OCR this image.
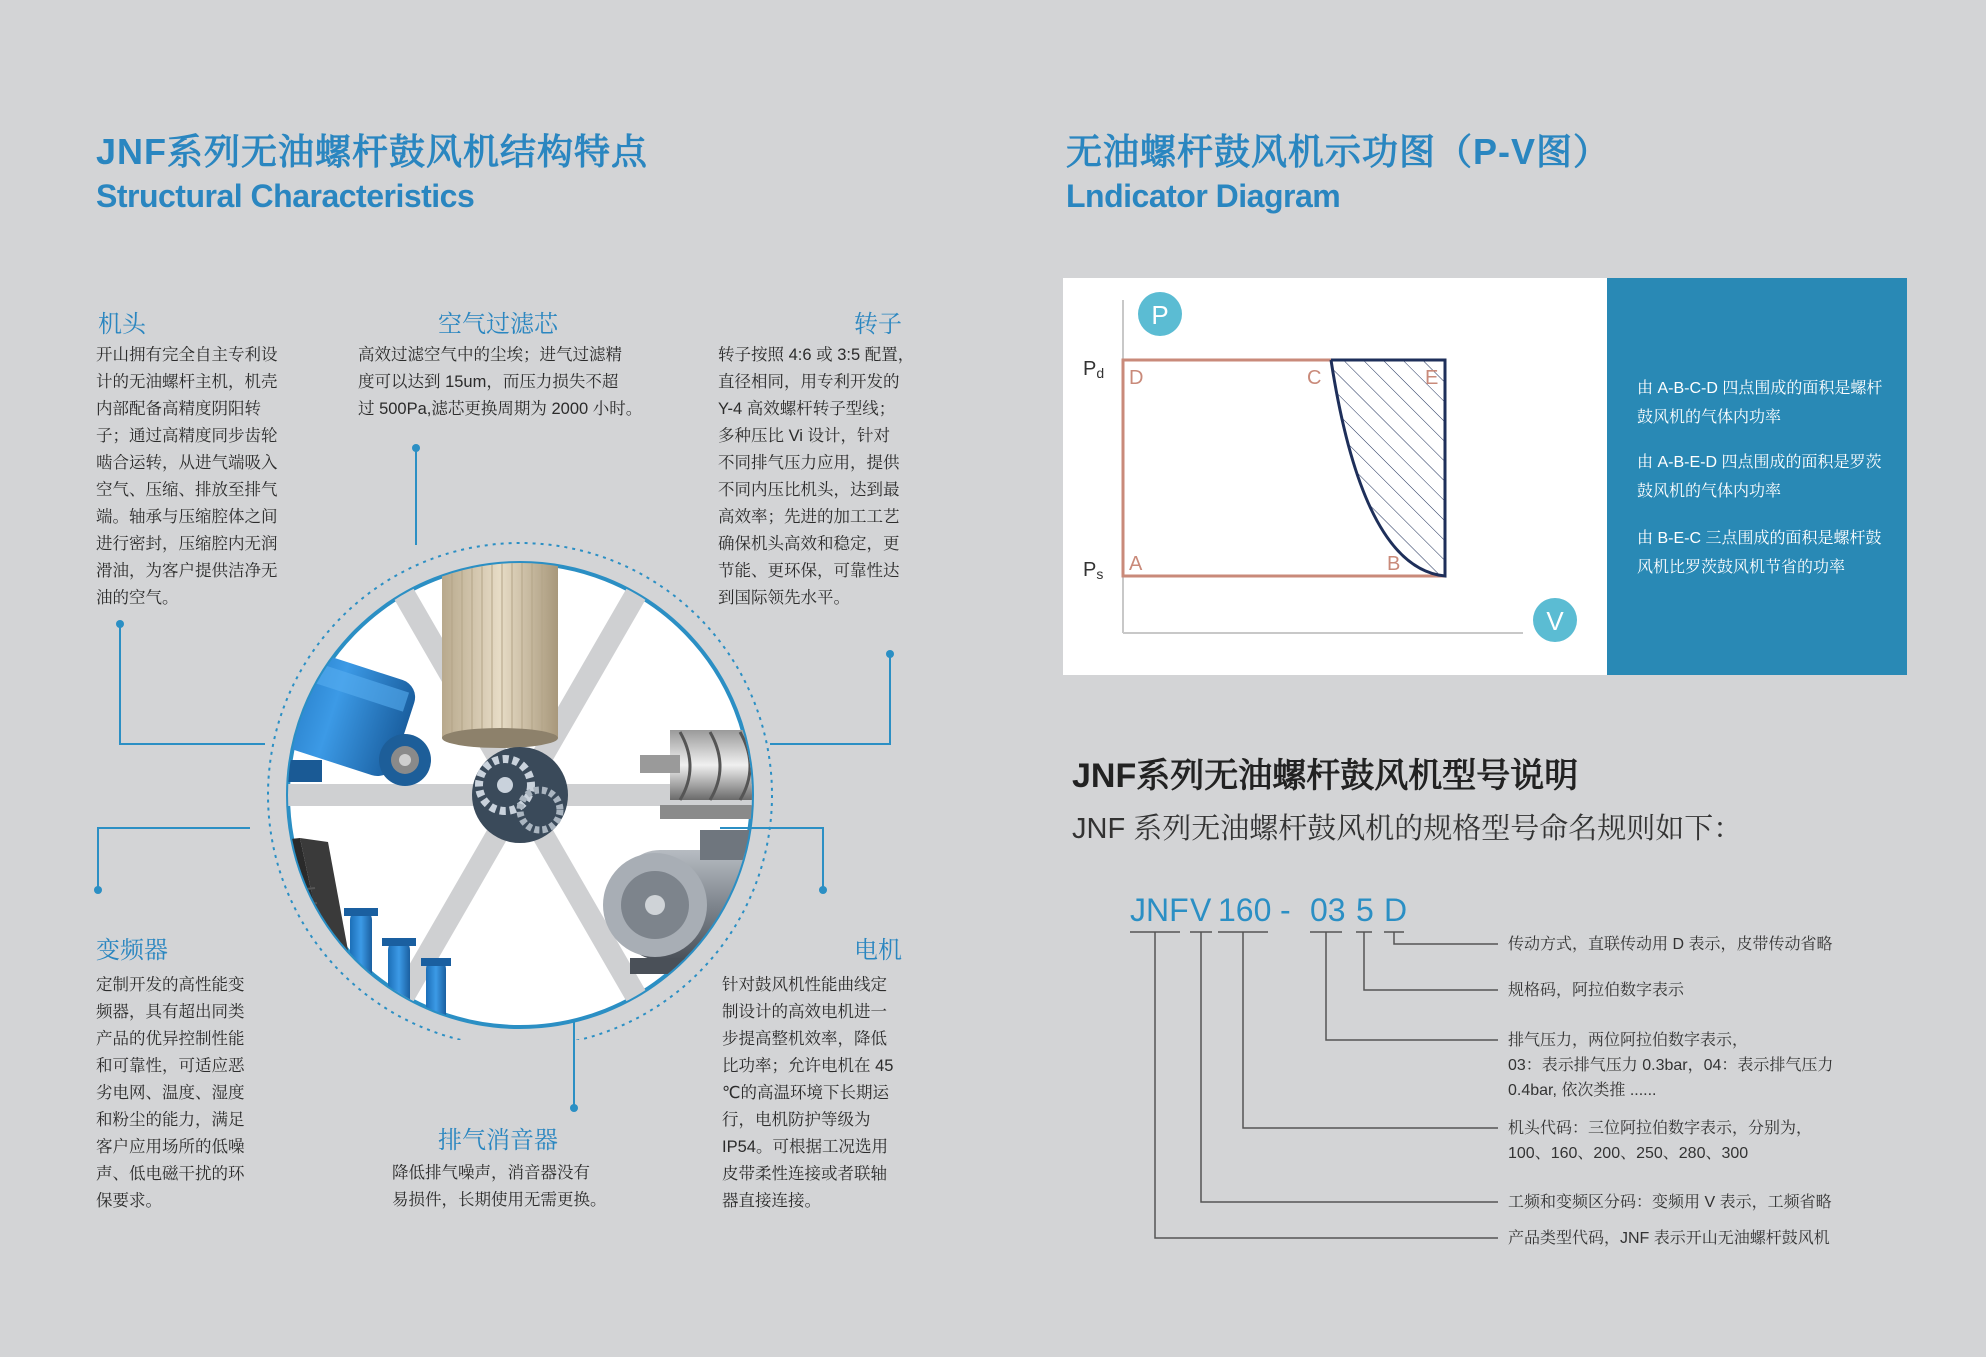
JNF系列无油螺杆鼓风机结构特点
Structural Characteristics
机头
开山拥有完全自主专利设
计的无油螺杆主机，机壳
内部配备高精度阴阳转
子；通过高精度同步齿轮
啮合运转，从进气端吸入
空气、压缩、排放至排气
端。轴承与压缩腔体之间
进行密封，压缩腔内无润
滑油，为客户提供洁净无
油的空气。
空气过滤芯
高效过滤空气中的尘埃；进气过滤精
度可以达到 15um，而压力损失不超
过 500Pa,滤芯更换周期为 2000 小时。
转子
转子按照 4:6 或 3:5 配置，
直径相同，用专利开发的
Y-4 高效螺杆转子型线；
多种压比 Vi 设计，针对
不同排气压力应用，提供
不同内压比机头，达到最
高效率；先进的加工工艺
确保机头高效和稳定，更
节能、更环保，可靠性达
到国际领先水平。
变频器
定制开发的高性能变
频器，具有超出同类
产品的优异控制性能
和可靠性，可适应恶
劣电网、温度、湿度
和粉尘的能力，满足
客户应用场所的低噪
声、低电磁干扰的环
保要求。
排气消音器
降低排气噪声，消音器没有
易损件，长期使用无需更换。
电机
针对鼓风机性能曲线定
制设计的高效电机进一
步提高整机效率，降低
比功率；允许电机在 45
℃的高温环境下长期运
行，电机防护等级为
IP54。可根据工况选用
皮带柔性连接或者联轴
器直接连接。
无油螺杆鼓风机示功图（P-V图）
Lndicator Diagram
P
V
Pd
Ps
D	C	E
A	B
由 A-B-C-D 四点围成的面积是螺杆鼓风机的气体内功率
由 A-B-E-D 四点围成的面积是罗茨鼓风机的气体内功率
由 B-E-C 三点围成的面积是螺杆鼓风机比罗茨鼓风机节省的功率
JNF系列无油螺杆鼓风机型号说明
JNF 系列无油螺杆鼓风机的规格型号命名规则如下：
JNF V 160 - 03 5 D
传动方式，直联传动用 D 表示，皮带传动省略
规格码，阿拉伯数字表示
排气压力，两位阿拉伯数字表示，
03：表示排气压力 0.3bar，04：表示排气压力
0.4bar, 依次类推 ......
机头代码：三位阿拉伯数字表示，分别为，
100、160、200、250、280、300
工频和变频区分码：变频用 V 表示，工频省略
产品类型代码，JNF 表示开山无油螺杆鼓风机
